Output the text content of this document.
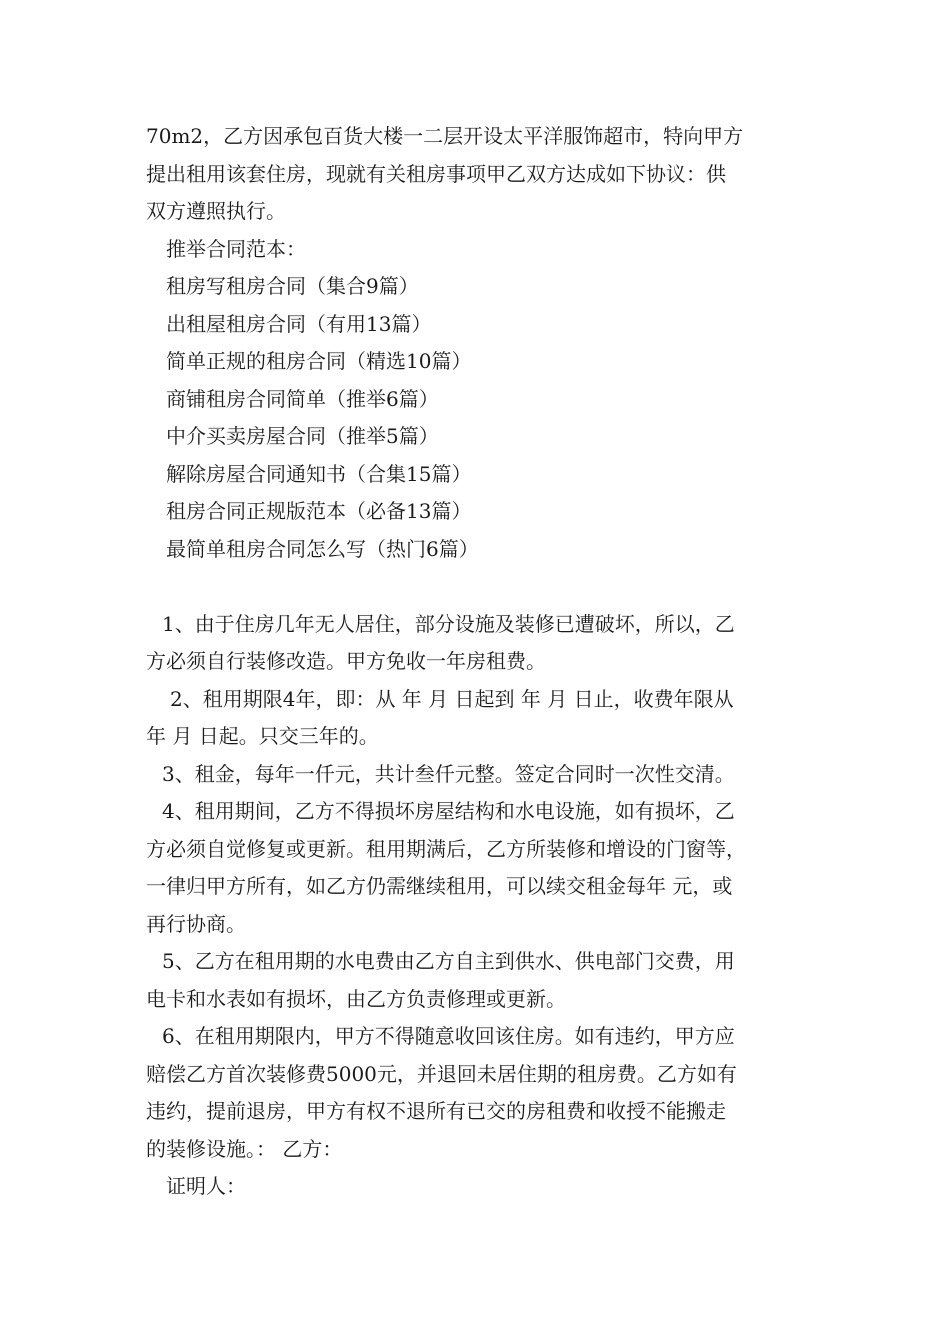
70m2，乙方因承包百货大楼一二层开设太平洋服饰超市，特向甲方
提出租用该套住房，现就有关租房事项甲乙双方达成如下协议：供
双方遵照执行。
推举合同范本：
租房写租房合同（集合9篇）
出租屋租房合同（有用13篇）
简单正规的租房合同（精选10篇）
商铺租房合同简单（推举6篇）
中介买卖房屋合同（推举5篇）
解除房屋合同通知书（合集15篇）
租房合同正规版范本（必备13篇）
最简单租房合同怎么写（热门6篇）
1、由于住房几年无人居住，部分设施及装修已遭破坏，所以，乙
方必须自行装修改造。甲方免收一年房租费。
2、租用期限4年，即：从 年 月 日起到 年 月 日止，收费年限从
年 月 日起。只交三年的。
3、租金，每年一仟元，共计叁仟元整。签定合同时一次性交清。
4、租用期间，乙方不得损坏房屋结构和水电设施，如有损坏，乙
方必须自觉修复或更新。租用期满后，乙方所装修和增设的门窗等，
一律归甲方所有，如乙方仍需继续租用，可以续交租金每年 元，或
再行协商。
5、乙方在租用期的水电费由乙方自主到供水、供电部门交费，用
电卡和水表如有损坏，由乙方负责修理或更新。
6、在租用期限内，甲方不得随意收回该住房。如有违约，甲方应
赔偿乙方首次装修费5000元，并退回未居住期的租房费。乙方如有
违约，提前退房，甲方有权不退所有已交的房租费和收授不能搬走
的装修设施。： 乙方：
证明人：
